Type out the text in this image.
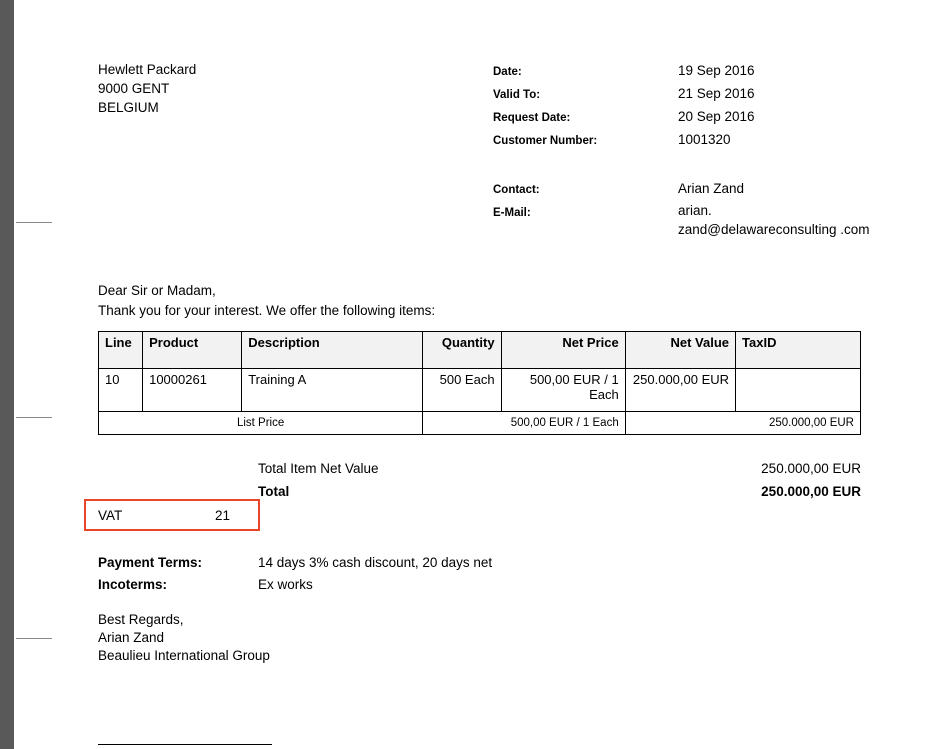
Hewlett Packard
9000 GENT
BELGIUM
Date:	19 Sep 2016
Valid To:	21 Sep 2016
Request Date:	20 Sep 2016
Customer Number:	1001320
Contact:	Arian Zand
E-Mail:	arian. zand@delawareconsulting .com
Dear Sir or Madam,
Thank you for your interest. We offer the following items:
Line	Product	Description	Quantity	Net Price	Net Value	TaxID
10	10000261	Training A	500 Each	500,00 EUR / 1 Each	250.000,00 EUR	
List Price			500,00 EUR / 1 Each		250.000,00 EUR	
Total Item Net Value	250.000,00 EUR
Total	250.000,00 EUR
VAT	21
Payment Terms:	14 days 3% cash discount, 20 days net
Incoterms:	Ex works
Best Regards,
Arian Zand
Beaulieu International Group
